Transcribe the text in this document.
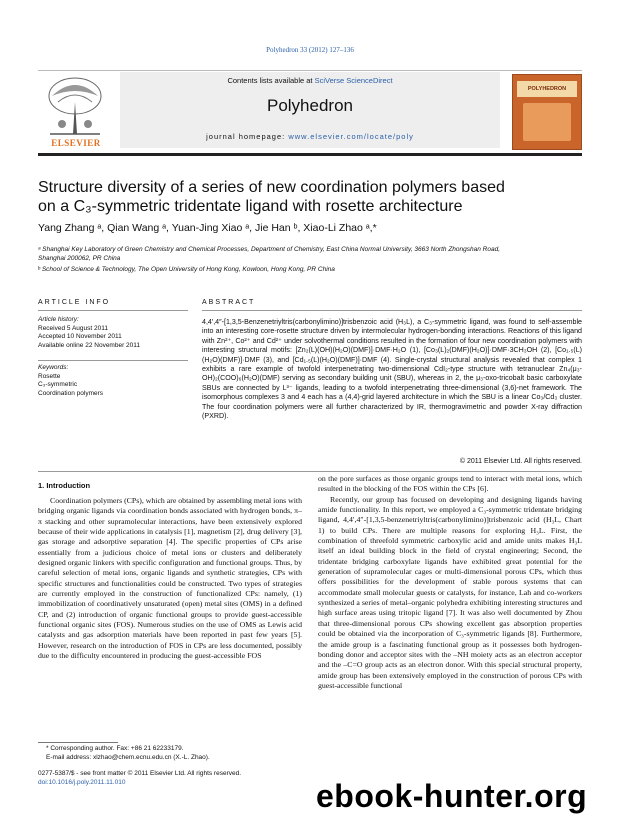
Polyhedron 33 (2012) 127–136
ELSEVIER
Contents lists available at SciVerse ScienceDirect
Polyhedron
journal homepage: www.elsevier.com/locate/poly
POLYHEDRON
Structure diversity of a series of new coordination polymers based
on a C₃-symmetric tridentate ligand with rosette architecture
Yang Zhang ᵃ, Qian Wang ᵃ, Yuan-Jing Xiao ᵃ, Jie Han ᵇ, Xiao-Li Zhao ᵃ,*
ᵃ Shanghai Key Laboratory of Green Chemistry and Chemical Processes, Department of Chemistry, East China Normal University, 3663 North Zhongshan Road,
Shanghai 200062, PR China
ᵇ School of Science & Technology, The Open University of Hong Kong, Kowloon, Hong Kong, PR China
ARTICLE INFO
Article history:
Received 5 August 2011
Accepted 10 November 2011
Available online 22 November 2011
Keywords:
Rosette
C₃-symmetric
Coordination polymers
ABSTRACT
4,4′,4″-[1,3,5-Benzenetriyltris(carbonylimino)]trisbenzoic acid (H₃L), a C₃-symmetric ligand, was found to self-assemble into an interesting core-rosette structure driven by intermolecular hydrogen-bonding interactions. Reactions of this ligand with Zn²⁺, Co²⁺ and Cd²⁺ under solvothermal conditions resulted in the formation of four new coordination polymers with interesting structural motifs: [Zn₂(L)(OH)(H₂O)(DMF)]·DMF·H₂O (1), [Co₃(L)₂(DMF)(H₂O)]·DMF·3CH₃OH (2), [Co₁.₅(L)(H₂O)(DMF)]·DMF (3), and [Cd₁.₅(L)(H₂O)(DMF)]·DMF (4). Single-crystal structural analysis revealed that complex 1 exhibits a rare example of twofold interpenetrating two-dimensional CdI₂-type structure with tetranuclear Zn₄(μ₃-OH)₂(COO)₆(H₂O)(DMF) serving as secondary building unit (SBU), whereas in 2, the μ₃-oxo-tricobalt basic carboxylate SBUs are connected by L³⁻ ligands, leading to a twofold interpenetrating three-dimensional (3,6)-net framework. The isomorphous complexes 3 and 4 each has a (4,4)-grid layered architecture in which the SBU is a linear Co₃/Cd₃ cluster. The four coordination polymers were all further characterized by IR, thermogravimetric and powder X-ray diffraction (PXRD).
© 2011 Elsevier Ltd. All rights reserved.
1. Introduction

Coordination polymers (CPs), which are obtained by assembling metal ions with bridging organic ligands via coordination bonds associated with hydrogen bonds, π–π stacking and other supramolecular interactions, have been extensively explored because of their wide applications in catalysis [1], magnetism [2], drug delivery [3], gas storage and adsorptive separation [4]. The specific properties of CPs arise essentially from a judicious choice of metal ions or clusters and deliberately designed organic linkers with specific configuration and functional groups. Thus, by careful selection of metal ions, organic ligands and synthetic strategies, CPs with specific structures and functionalities could be constructed. Two types of strategies are currently employed in the construction of functionalized CPs: namely, (1) immobilization of coordinatively unsaturated (open) metal sites (OMS) in a defined CP, and (2) introduction of organic functional groups to provide guest-accessible functional organic sites (FOS). Numerous studies on the use of OMS as Lewis acid catalysts and gas adsorption materials have been reported in past few years [5]. However, research on the introduction of FOS in CPs are less documented, possibly due to the difficulty encountered in producing the guest-accessible FOS

on the pore surfaces as those organic groups tend to interact with metal ions, which resulted in the blocking of the FOS within the CPs [6].

Recently, our group has focused on developing and designing ligands having amide functionality. In this report, we employed a C₃-symmetric tridentate bridging ligand, 4,4′,4″-[1,3,5-benzenetriyltris(carbonylimino)]trisbenzoic acid (H₃L, Chart 1) to build CPs. There are multiple reasons for exploring H₃L. First, the combination of threefold symmetric carboxylic acid and amide units makes H₃L itself an ideal building block in the field of crystal engineering; Second, the tridentate bridging carboxylate ligands have exhibited great potential for the generation of supramolecular cages or multi-dimensional porous CPs, which thus offers possibilities for the development of stable porous systems that can accommodate small molecular guests or catalysts, for instance, Lah and co-workers synthesized a series of metal–organic polyhedra exhibiting interesting structures and high surface areas using tritopic ligand [7]. It was also well documented by Zhou that three-dimensional porous CPs showing excellent gas absorption properties could be obtained via the incorporation of C₃-symmetric ligands [8]. Furthermore, the amide group is a fascinating functional group as it possesses both hydrogen-bonding donor and acceptor sites with the –NH moiety acts as an electron acceptor and the –C=O group acts as an electron donor. With this special structural property, amide group has been extensively employed in the construction of porous CPs with guest-accessible functional

* Corresponding author. Fax: +86 21 62233179.
E-mail address: xlzhao@chem.ecnu.edu.cn (X.-L. Zhao).
0277-5387/$ - see front matter © 2011 Elsevier Ltd. All rights reserved.
doi:10.1016/j.poly.2011.11.010	ebook-hunter.org
